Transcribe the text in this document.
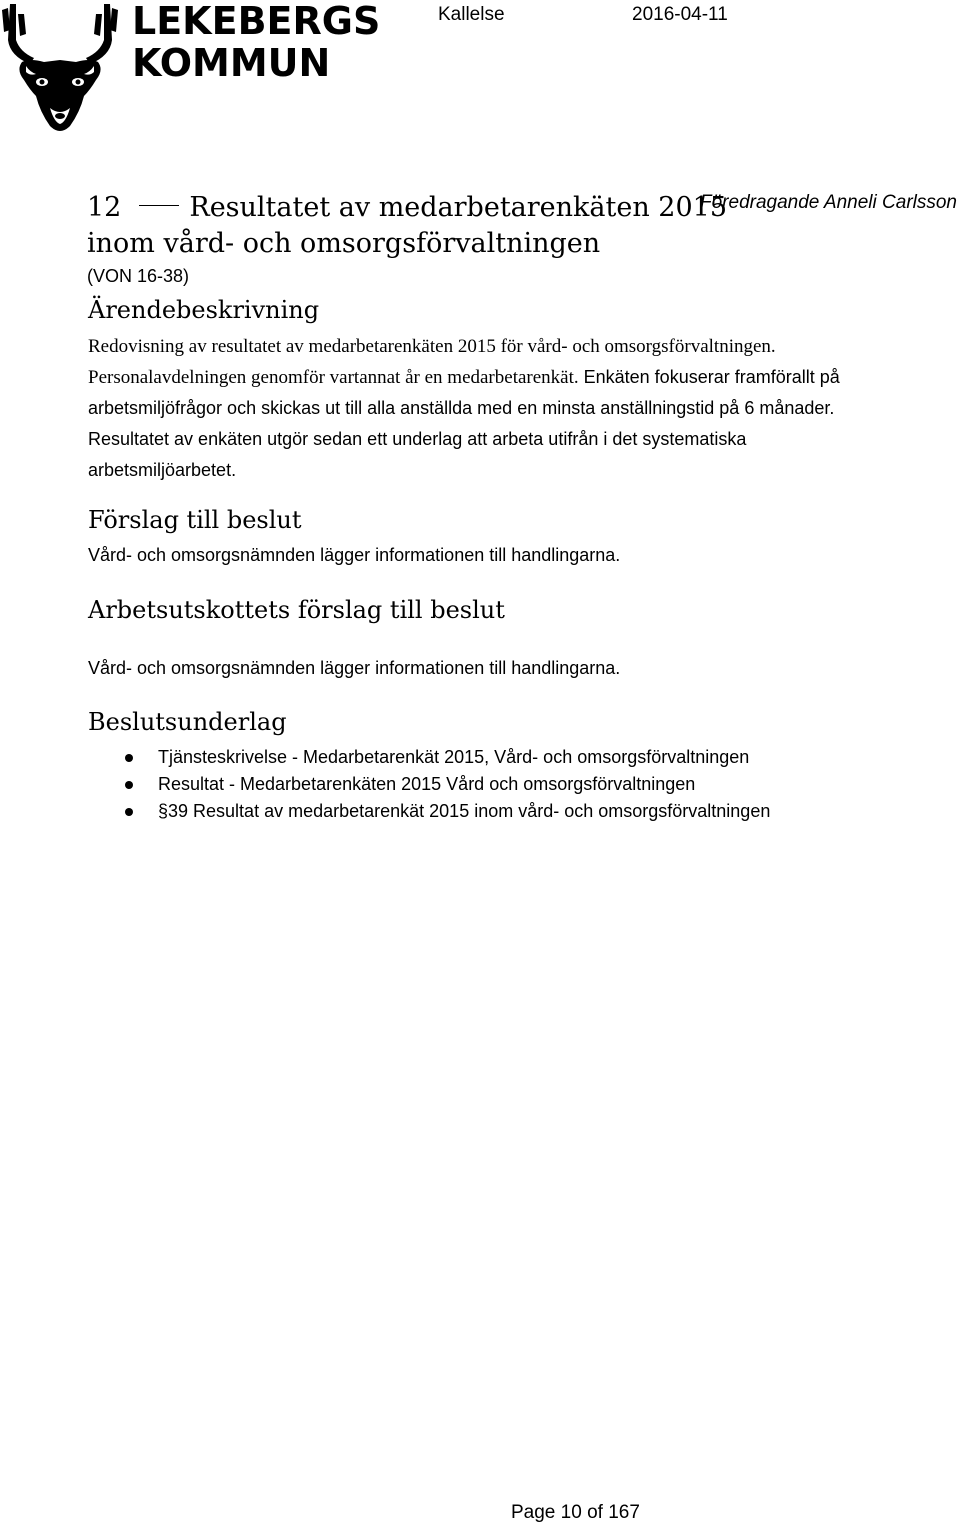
LEKEBERGS
KOMMUN
Kallelse	2016-04-11
12	Resultatet av medarbetarenkäten 2015
inom vård- och omsorgsförvaltningen
Föredragande Anneli Carlsson
(VON 16-38)
Ärendebeskrivning
Redovisning av resultatet av medarbetarenkäten 2015 för vård- och omsorgsförvaltningen.
Personalavdelningen genomför vartannat år en medarbetarenkät. Enkäten fokuserar framförallt på
arbetsmiljöfrågor och skickas ut till alla anställda med en minsta anställningstid på 6 månader.
Resultatet av enkäten utgör sedan ett underlag att arbeta utifrån i det systematiska
arbetsmiljöarbetet.
Förslag till beslut
Vård- och omsorgsnämnden lägger informationen till handlingarna.
Arbetsutskottets förslag till beslut
Vård- och omsorgsnämnden lägger informationen till handlingarna.
Beslutsunderlag
Tjänsteskrivelse - Medarbetarenkät 2015, Vård- och omsorgsförvaltningen
Resultat - Medarbetarenkäten 2015 Vård och omsorgsförvaltningen
§39 Resultat av medarbetarenkät 2015 inom vård- och omsorgsförvaltningen
Page 10 of 167
